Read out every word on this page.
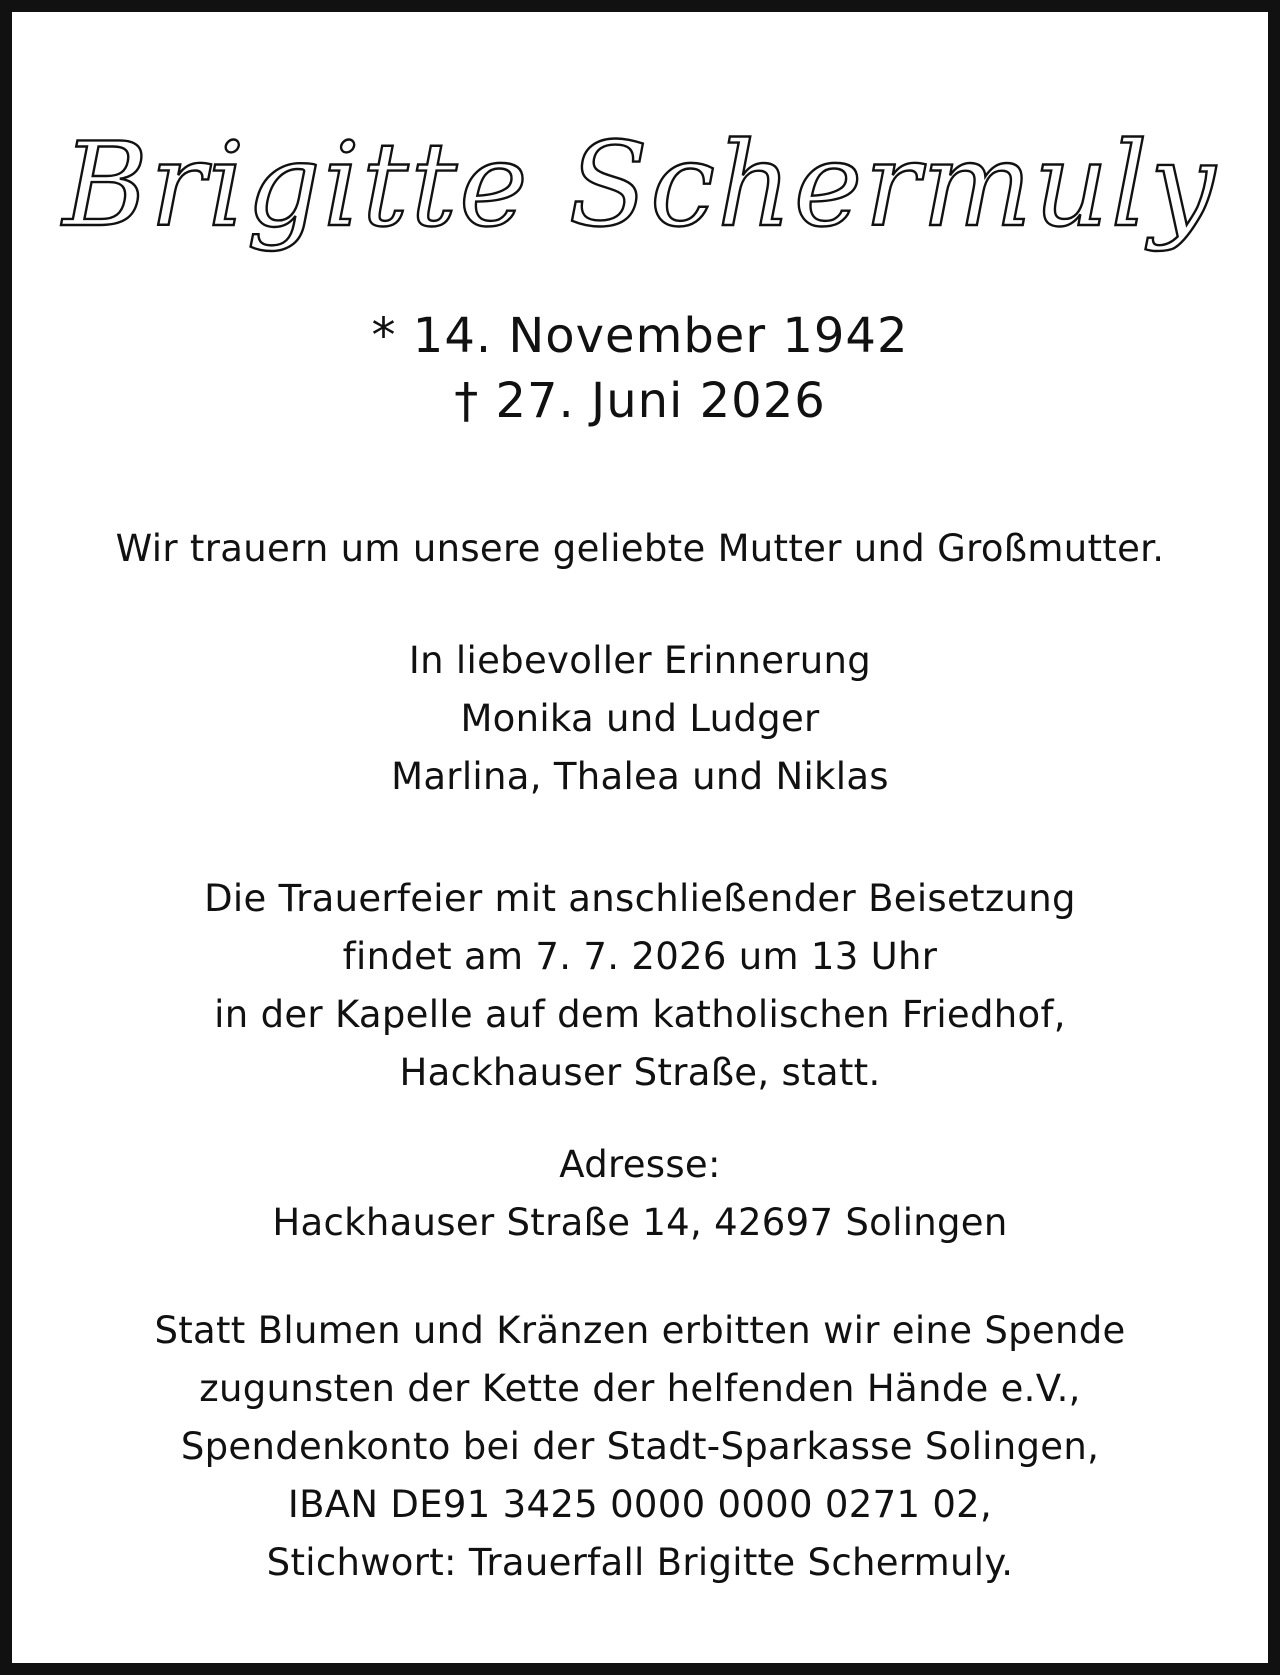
Brigitte Schermuly
* 14. November 1942
† 27. Juni 2026
Wir trauern um unsere geliebte Mutter und Großmutter.
In liebevoller Erinnerung
Monika und Ludger
Marlina, Thalea und Niklas
Die Trauerfeier mit anschließender Beisetzung
findet am 7. 7. 2026 um 13 Uhr
in der Kapelle auf dem katholischen Friedhof,
Hackhauser Straße, statt.
Adresse:
Hackhauser Straße 14, 42697 Solingen
Statt Blumen und Kränzen erbitten wir eine Spende
zugunsten der Kette der helfenden Hände e.V.,
Spendenkonto bei der Stadt-Sparkasse Solingen,
IBAN DE91 3425 0000 0000 0271 02,
Stichwort: Trauerfall Brigitte Schermuly.
